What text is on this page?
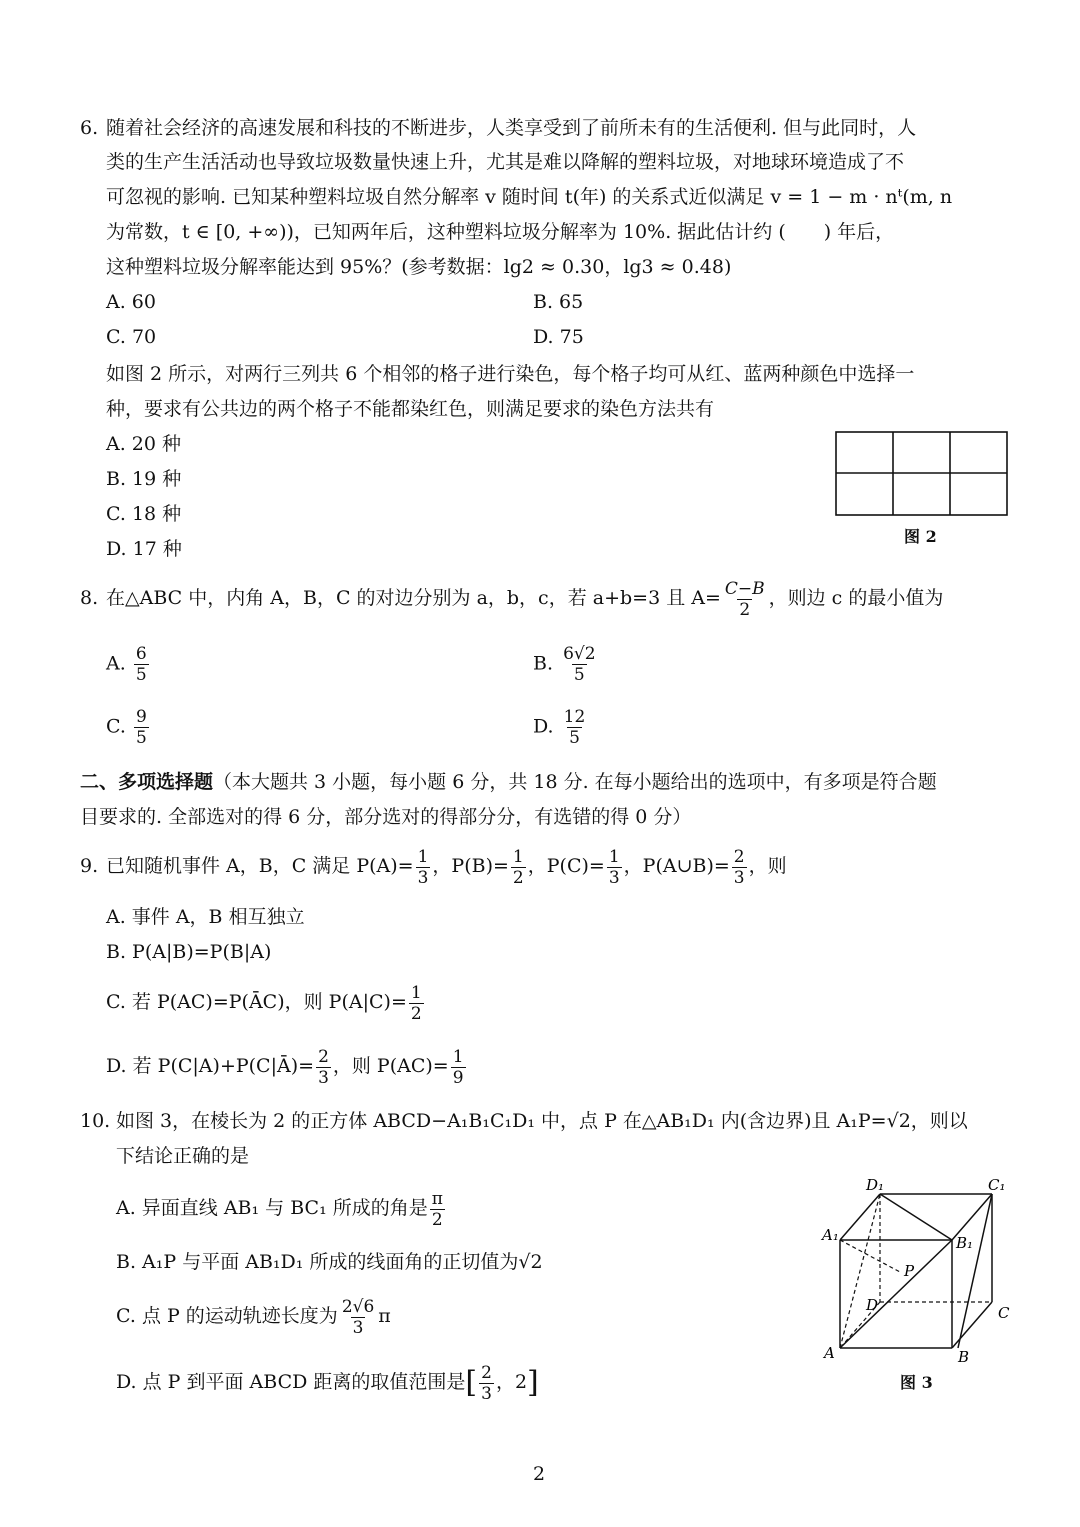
6. 随着社会经济的高速发展和科技的不断进步，人类享受到了前所未有的生活便利. 但与此同时，人
类的生产生活活动也导致垃圾数量快速上升，尤其是难以降解的塑料垃圾，对地球环境造成了不
可忽视的影响. 已知某种塑料垃圾自然分解率 v 随时间 t(年) 的关系式近似满足 v = 1 − m · nᵗ(m, n
为常数，t ∈ [0, +∞))，已知两年后，这种塑料垃圾分解率为 10%. 据此估计约 (　　) 年后，
这种塑料垃圾分解率能达到 95%？(参考数据：lg2 ≈ 0.30，lg3 ≈ 0.48)
A. 60	B. 65
C. 70	D. 75
如图 2 所示，对两行三列共 6 个相邻的格子进行染色，每个格子均可从红、蓝两种颜色中选择一
种，要求有公共边的两个格子不能都染红色，则满足要求的染色方法共有
A. 20 种
B. 19 种
C. 18 种
D. 17 种
图 2
8. 在△ABC 中，内角 A，B，C 的对边分别为 a，b，c，若 a+b=3 且 $A= \frac{C-B}{2}$ ，则边 c 的最小值为
A. $\frac{6}{5}$	B. $\frac{6√2}{5}$
C. $\frac{9}{5}$	D. $\frac{12}{5}$
二、多项选择题（本大题共 3 小题，每小题 6 分，共 18 分. 在每小题给出的选项中，有多项是符合题
目要求的. 全部选对的得 6 分，部分选对的得部分分，有选错的得 0 分）
9. 已知随机事件 A，B，C 满足 $P(A)= \frac{1}{3}$ ，$P(B)= \frac{1}{2}$ ，$P(C)= \frac{1}{3}$ ，P(A∪B)= $\frac{2}{3}$ ，则
A. 事件 A，B 相互独立
B. P(A|B)=P(B|A)
C. 若 P(AC)=P(ĀC)，则 $P(A|C)= \frac{1}{2}$
D. 若 P(C|A)+P(C|Ā)= $\frac{2}{3}$ ，则 $P(AC)= \frac{1}{9}$
10. 如图 3，在棱长为 2 的正方体 ABCD−A₁B₁C₁D₁ 中，点 P 在△AB₁D₁ 内(含边界)且 A₁P=√2，则以
下结论正确的是
A. 异面直线 AB₁ 与 BC₁ 所成的角是 $\frac{\pi}{2}$
B. A₁P 与平面 AB₁D₁ 所成的线面角的正切值为√2
C. 点 P 的运动轨迹长度为 $\frac{2√6}{3}$ π
D. 点 P 到平面 ABCD 距离的取值范围是[ $\frac{2}{3}$ ，2]
D₁	C₁
A₁	B₁
P
D	C
A	B
图 3
2
